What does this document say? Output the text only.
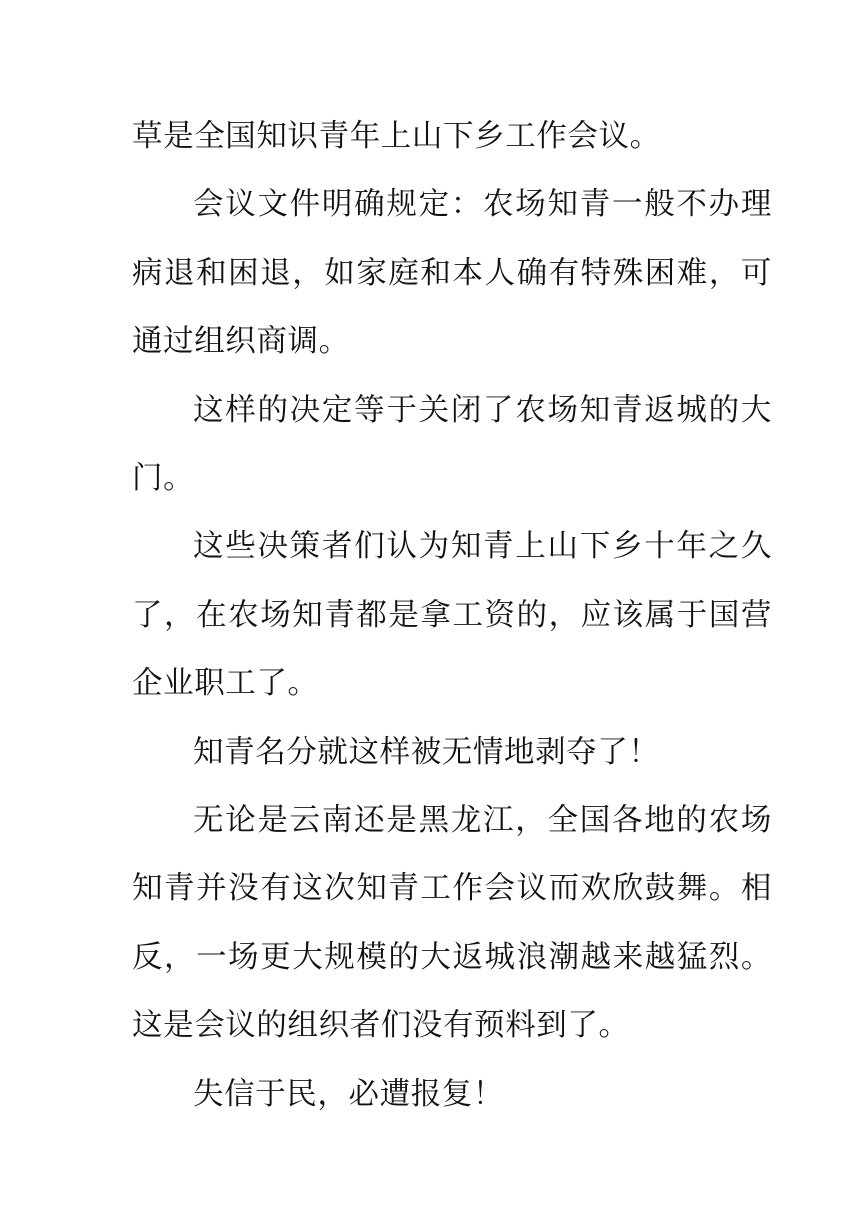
草是全国知识青年上山下乡工作会议。

会议文件明确规定：农场知青一般不办理病退和困退，如家庭和本人确有特殊困难，可通过组织商调。

这样的决定等于关闭了农场知青返城的大门。

这些决策者们认为知青上山下乡十年之久了，在农场知青都是拿工资的，应该属于国营企业职工了。

知青名分就这样被无情地剥夺了！

无论是云南还是黑龙江，全国各地的农场知青并没有这次知青工作会议而欢欣鼓舞。相反，一场更大规模的大返城浪潮越来越猛烈。这是会议的组织者们没有预料到了。

失信于民，必遭报复！
